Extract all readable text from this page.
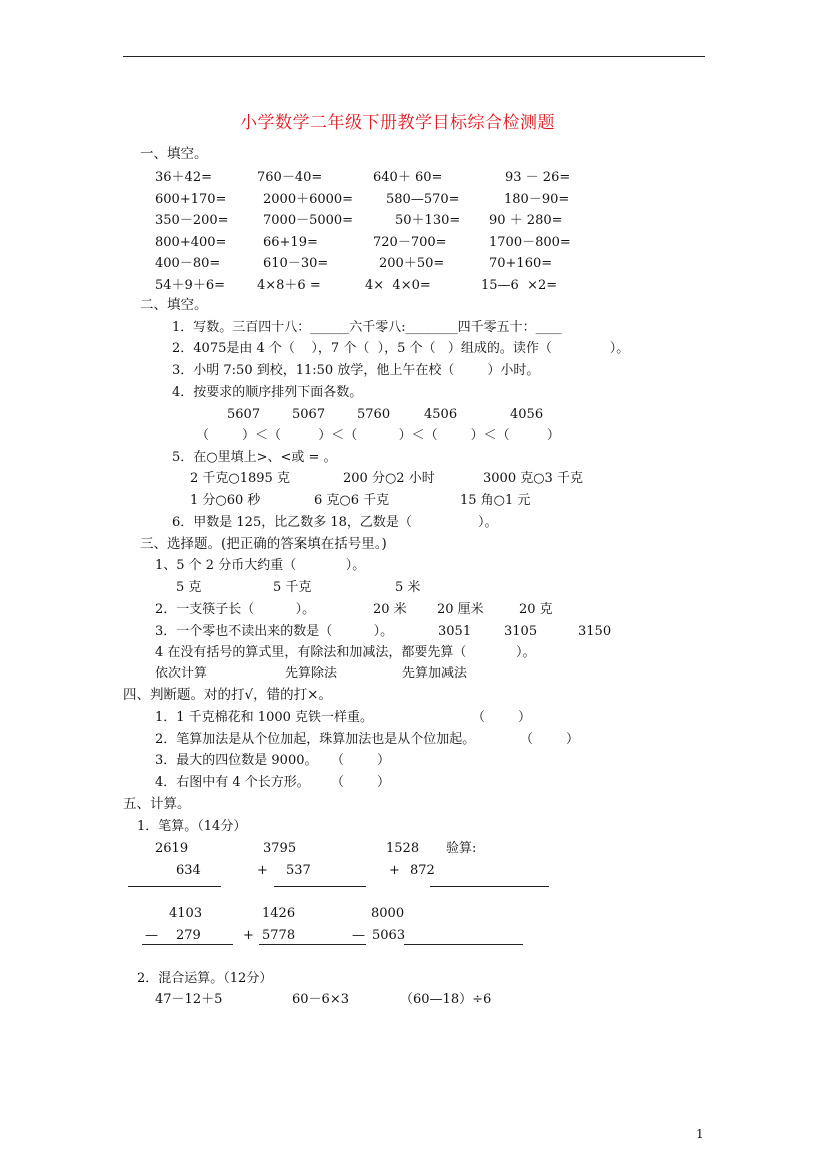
小学数学二年级下册教学目标综合检测题
一、填空。
36＋42=	760－40=	640＋ 60=	93 － 26=
600+170=	2000＋6000=	580—570=	180－90=
350－200=	7000－5000=	50＋130= 90 ＋ 280=
800+400=	66+19=	720－700=	1700－800=
400－80=	610－30=	200＋50=	70+160=
54＋9＋6= 4×8＋6 =	4×  4×0=	15—6  ×2=
二、填空。
1．写数。三百四十八：______六千零八:________四千零五十：____
2．4075是由 4 个（    ），7 个（  ），5 个（   ）组成的。读作（              ）。
3．小明 7:50 到校，11:50 放学，他上午在校（        ）小时。
4．按要求的顺序排列下面各数。
5607 5067 5760	4506	4056
（        ）＜（         ）＜（          ）＜（        ）＜（         ）
5．在○里填上>、<或 = 。
2 千克○1895 克	200 分○2 小时	3000 克○3 千克
1 分○60 秒	6 克○6 千克	15 角○1 元
6．甲数是 125，比乙数多 18，乙数是（                ）。
三、选择题。(把正确的答案填在括号里。)
1、5 个 2 分币大约重（            ）。
5 克	5 千克	5 米
2．一支筷子长（          ）。	20 米 20 厘米	20 克
3．一个零也不读出来的数是（          ）。	3051	3105	3150
4 在没有括号的算式里，有除法和加减法，都要先算（            ）。
依次计算	先算除法	先算加减法
四、判断题。对的打√，错的打×。
1．1 千克棉花和 1000 克铁一样重。	（        ）
2．笔算加法是从个位加起，珠算加法也是从个位加起。	（        ）
3．最大的四位数是 9000。 （        ）
4．右图中有 4 个长方形。 （        ）
五、计算。
1．笔算。（14分）
2619	3795	1528 验算:
634	+ 537	+ 872
4103	1426	8000
— 279	+ 5778	— 5063
2．混合运算。（12分）
47－12＋5	60－6×3	（60—18）÷6
1
